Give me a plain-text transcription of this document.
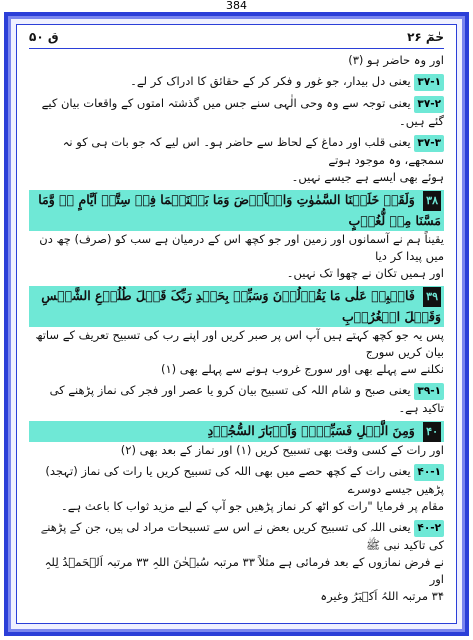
384
حٰمٓ ۲۶
ق ۵۰

اور وہ حاضر ہو (۳)

۳۷-۱ یعنی دل بیدار، جو غور و فکر کر کے حقائق کا ادراک کر لے۔

۳۷-۲ یعنی توجہ سے وہ وحی الٰہی سنے جس میں گذشتہ امتوں کے واقعات بیان کیے گئے ہیں۔

۳۷-۳ یعنی قلب اور دماغ کے لحاظ سے حاضر ہو۔ اس لیے کہ جو بات ہی کو نہ سمجھے، وہ موجود ہوتے

ہوئے بھی ایسے ہے جیسے نہیں۔

۳۸ وَلَقَدۡ خَلَقۡنَا السَّمٰوٰتِ وَالۡاَرۡضَ وَمَا بَیۡنَہُمَا فِیۡ سِتَّۃِ اَیَّامٍ ٭ۖ وَّمَا مَسَّنَا مِنۡ لُّغُوۡبٍ

یقیناً ہم نے آسمانوں اور زمین اور جو کچھ اس کے درمیان ہے سب کو (صرف) چھ دن میں پیدا کر دیا

اور ہمیں تکان نے چھوا تک نہیں۔

۳۹ فَاصۡبِرۡ عَلٰی مَا یَقُوۡلُوۡنَ وَسَبِّحۡ بِحَمۡدِ رَبِّکَ قَبۡلَ طُلُوۡعِ الشَّمۡسِ وَقَبۡلَ الۡغُرُوۡبِ

پس یہ جو کچھ کہتے ہیں آپ اس پر صبر کریں اور اپنے رب کی تسبیح تعریف کے ساتھ بیان کریں سورج

نکلنے سے پہلے بھی اور سورج غروب ہونے سے پہلے بھی (۱)

۳۹-۱ یعنی صبح و شام اللہ کی تسبیح بیان کرو یا عصر اور فجر کی نماز پڑھنے کی تاکید ہے۔

۴۰ وَمِنَ الَّیۡلِ فَسَبِّحۡہُ وَاَدۡبَارَ السُّجُوۡدِ

اور رات کے کسی وقت بھی تسبیح کریں (۱) اور نماز کے بعد بھی (۲)

۴۰-۱ یعنی رات کے کچھ حصے میں بھی اللہ کی تسبیح کریں یا رات کی نماز (تہجد) پڑھیں جیسے دوسرے

مقام پر فرمایا "رات کو اٹھ کر نماز پڑھیں جو آپ کے لیے مزید ثواب کا باعث ہے۔

۴۰-۲ یعنی اللہ کی تسبیح کریں بعض نے اس سے تسبیحات مراد لی ہیں، جن کے پڑھنے کی تاکید نبی ﷺ

نے فرض نمازوں کے بعد فرمائی ہے مثلاً ۳۳ مرتبہ سُبۡحٰنَ اللہِ ۳۳ مرتبہ اَلۡحَمۡدُ لِلہِ اور

۳۴ مرتبہ اللہُ اَکۡبَرُ وغیرہ
